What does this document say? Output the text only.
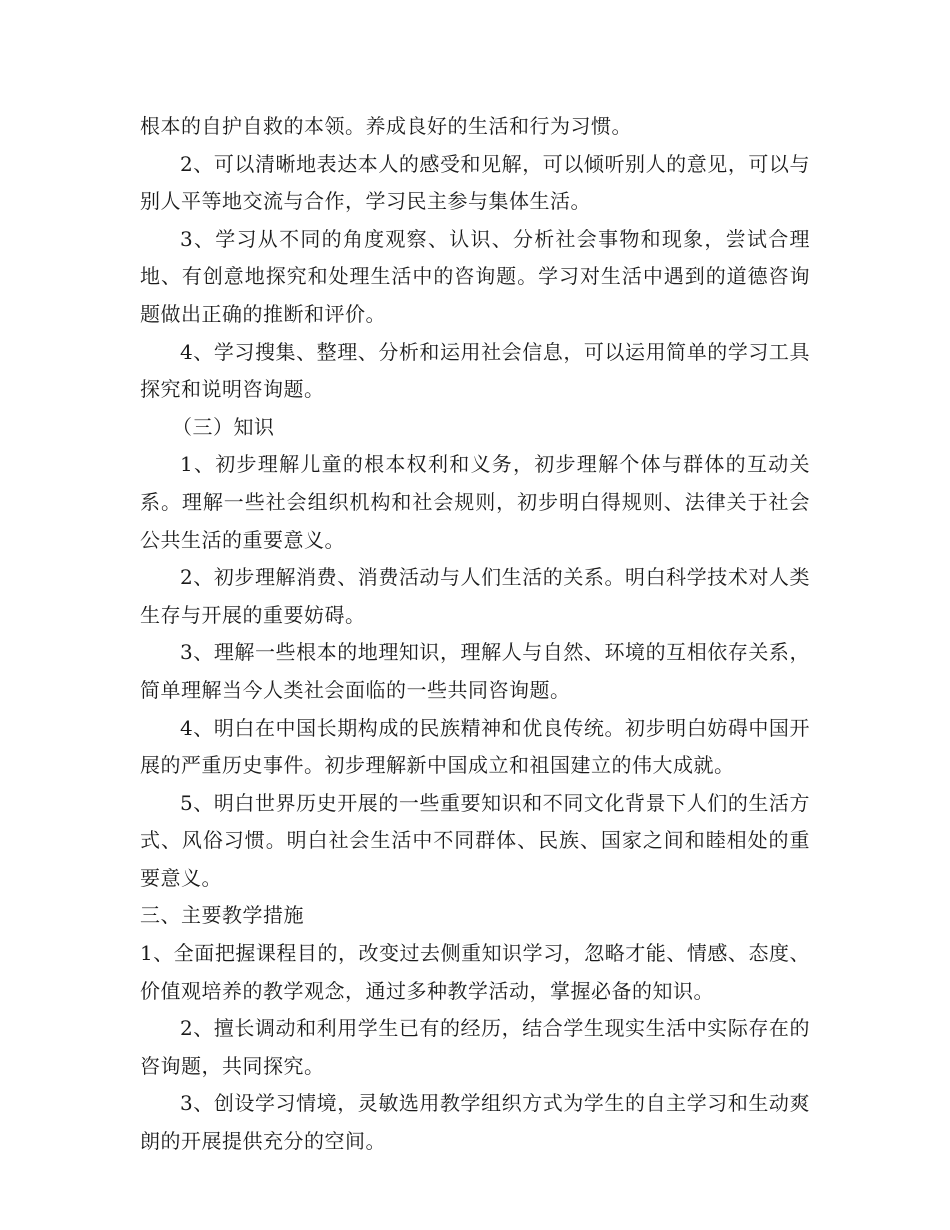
根本的自护自救的本领。养成良好的生活和行为习惯。

2、可以清晰地表达本人的感受和见解，可以倾听别人的意见，可以与别人平等地交流与合作，学习民主参与集体生活。

3、学习从不同的角度观察、认识、分析社会事物和现象，尝试合理地、有创意地探究和处理生活中的咨询题。学习对生活中遇到的道德咨询题做出正确的推断和评价。

4、学习搜集、整理、分析和运用社会信息，可以运用简单的学习工具探究和说明咨询题。

（三）知识

1、初步理解儿童的根本权利和义务，初步理解个体与群体的互动关系。理解一些社会组织机构和社会规则，初步明白得规则、法律关于社会公共生活的重要意义。

2、初步理解消费、消费活动与人们生活的关系。明白科学技术对人类生存与开展的重要妨碍。

3、理解一些根本的地理知识，理解人与自然、环境的互相依存关系，简单理解当今人类社会面临的一些共同咨询题。

4、明白在中国长期构成的民族精神和优良传统。初步明白妨碍中国开展的严重历史事件。初步理解新中国成立和祖国建立的伟大成就。

5、明白世界历史开展的一些重要知识和不同文化背景下人们的生活方式、风俗习惯。明白社会生活中不同群体、民族、国家之间和睦相处的重要意义。

三、主要教学措施

1、全面把握课程目的，改变过去侧重知识学习，忽略才能、情感、态度、价值观培养的教学观念，通过多种教学活动，掌握必备的知识。

2、擅长调动和利用学生已有的经历，结合学生现实生活中实际存在的咨询题，共同探究。

3、创设学习情境，灵敏选用教学组织方式为学生的自主学习和生动爽朗的开展提供充分的空间。
